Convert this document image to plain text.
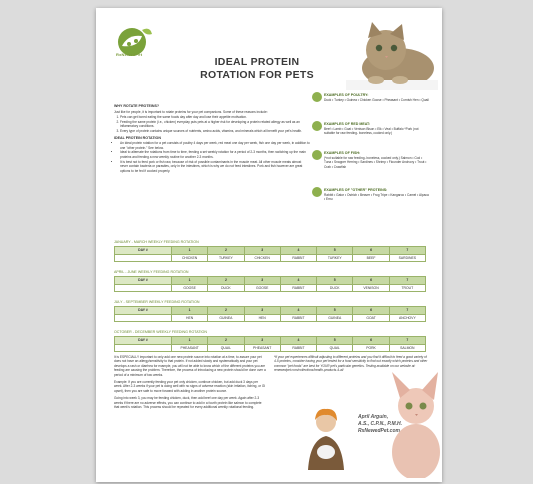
RxNewedPet
IDEAL PROTEIN
ROTATION FOR PETS
WHY ROTATE PROTEINS?

Just like for people, it is important to rotate proteins for your pet companions. Some of these reasons include:

1. Pets can get bored eating the same foods day after day and lose their appetite motivation.
2. Feeding the same protein (i.e., chicken) everyday puts pets at a higher risk for developing a protein related allergy as well as an inflammatory conditions.
3. Every type of protein contains unique sources of nutrients, amino acids, vitamins, and minerals which all benefit your pet's health.
IDEAL PROTEIN ROTATION
• An ideal protein rotation for a pet consists of poultry 4 days per week, red meat one day per week, fish one day per week, in addition to one "other protein." See below.
• Ideal to alternate the rotations from time to time, feeding a set weekly rotation for a period of 2-3 months, then switching up the main proteins and feeding a new weekly routine for another 2-3 months.
• It is best not to feed pork or fish raw, because of risk of possible contaminants in the muscle meat. All other muscle meats almost never contain bacteria or parasites, only in the intestines, which is why we do not feed intestines. Pork and fish however are great options to be fed if cooked properly.
EXAMPLES OF POULTRY:
Duck • Turkey • Guinea • Chicken Goose • Pheasant • Cornish Hen • Quail
EXAMPLES OF RED MEAT:
Beef • Lamb • Goat • Venison Bison • Elk • Veal • Buffalo *Pork (not suitable for raw feeding- boneless, cooked only.)
EXAMPLES OF FISH:
(*not suitable for raw feeding- boneless, cooked only.) Salmon • Cod • Tuna • Snapper Herring • Sardines • Shrimp • Flounder Anchovy • Trout • Crab • Crawfish
EXAMPLES OF "OTHER" PROTEINS:
Rabbit • Gator • Ostrich • Beaver • Frog Tripe • Kangaroo • Camel • Alpaca • Emu
JANUARY - MARCH WEEKLY FEEDING ROTATION
DAY #	1	2	3	4	5	6	7
	CHICKEN	TURKEY	CHICKEN	RABBIT	TURKEY	BEEF	SARDINES
APRIL - JUNE WEEKLY FEEDING ROTATION
DAY #	1	2	3	4	5	6	7
	GOOSE	DUCK	GOOSE	RABBIT	DUCK	VENISON	TROUT
JULY - SEPTEMBER WEEKLY FEEDING ROTATION
DAY #	1	2	3	4	5	6	7
	HEN	GUINEA	HEN	RABBIT	GUINEA	GOAT	ANCHOVY
OCTOBER - DECEMBER WEEKLY FEEDING ROTATION
DAY #	1	2	3	4	5	6	7
	PHEASANT	QUAIL	PHEASANT	RABBIT	QUAIL	PORK	SALMON

It is ESPECIALLY important to only add one new protein source into rotation at a time, to assure your pet does not have an allergy/sensitivity to that protein. If not added slowly and systematically and your pet develops a rash or diarrhea for example, you will not be able to know which of the different proteins you are feeding are causing the problem. Therefore, the process of introducing a new protein should be done over a period of a minimum of two weeks.

Example: If you are currently feeding your pet only chicken, continue chicken, but add duck 3 days per week. After 2-3 weeks if your pet is doing well with no signs of adverse reaction (skin irritation, itching, or GI upset), then you are safe to move forward with adding in another protein source.

Going into week 3, you may be feeding chicken, duck, then add beef one day per week. Again after 2-3 weeks if there are no adverse effects, you can continue to add in a fourth protein like salmon to complete that week's rotation. This process should be repeated for every additional weekly rotational feeding.

*If your pet experiences difficult adjusting to different proteins and you find it difficult to feed a good variety of 4-5 proteins, consider having your pet tested for a food sensitivity to find out exactly which proteins and other common "pet foods" are best for YOUR pet's particular genetics. Testing available on our website at: renewedpet.com/collections/health-products-4-all
April Arguin,
A.S., C.P.N., P.M.H.
RxNewedPet.com
